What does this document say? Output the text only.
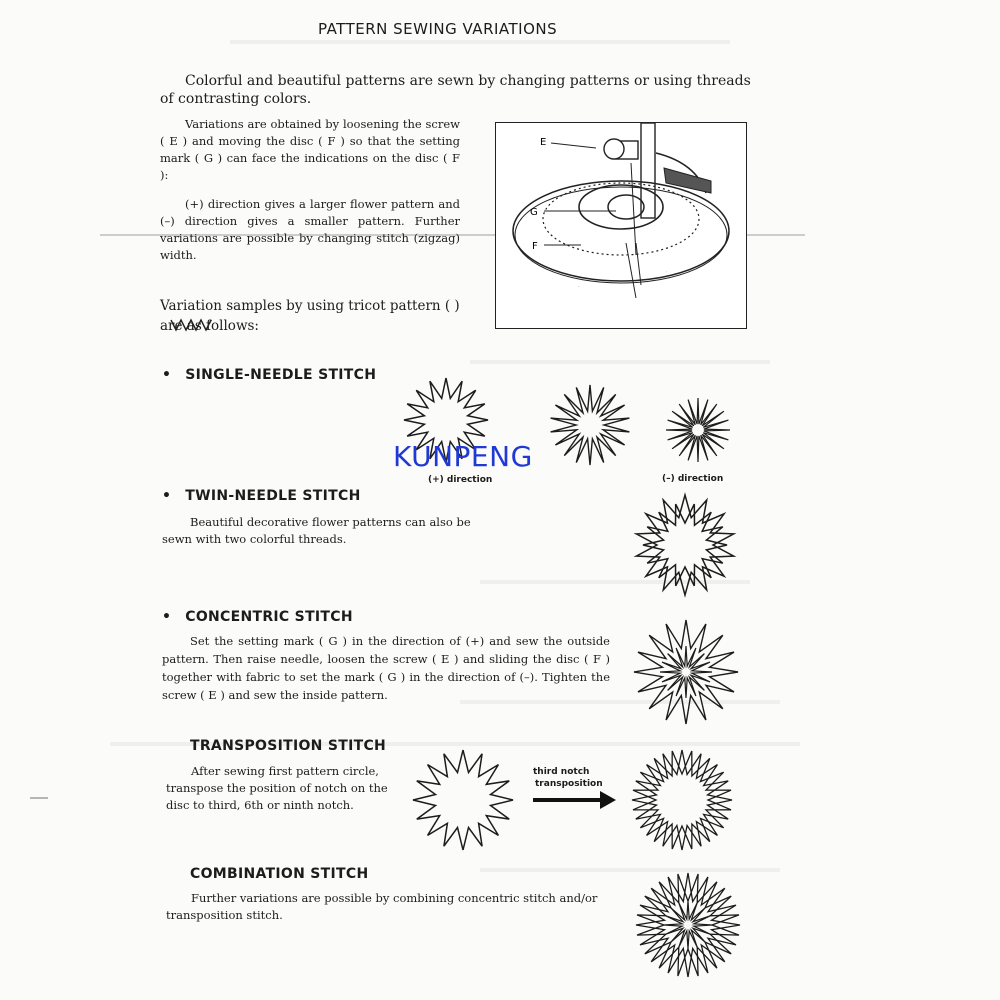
PATTERN SEWING VARIATIONS
Colorful and beautiful patterns are sewn by changing patterns or using threads of contrasting colors.
Variations are obtained by loosening the screw ( E ) and moving the disc ( F ) so that the setting mark ( G ) can face the indications on the disc ( F ):
(+) direction gives a larger flower pattern and (–) direction gives a smaller pattern. Further variations are possible by changing stitch (zigzag) width.
Variation samples by using tricot pattern ( ) are as follows:
E
G
F
• SINGLE-NEEDLE STITCH
(+) direction	(–) direction
• TWIN-NEEDLE STITCH
Beautiful decorative flower patterns can also be sewn with two colorful threads.
• CONCENTRIC STITCH
Set the setting mark ( G ) in the direction of (+) and sew the outside pattern. Then raise needle, loosen the screw ( E ) and sliding the disc ( F ) together with fabric to set the mark ( G ) in the direction of (–). Tighten the screw ( E ) and sew the inside pattern.
TRANSPOSITION STITCH
After sewing first pattern circle, transpose the position of notch on the disc to third, 6th or ninth notch.
third notch
transposition
COMBINATION STITCH
Further variations are possible by combining concentric stitch and/or transposition stitch.
KUNPENG
